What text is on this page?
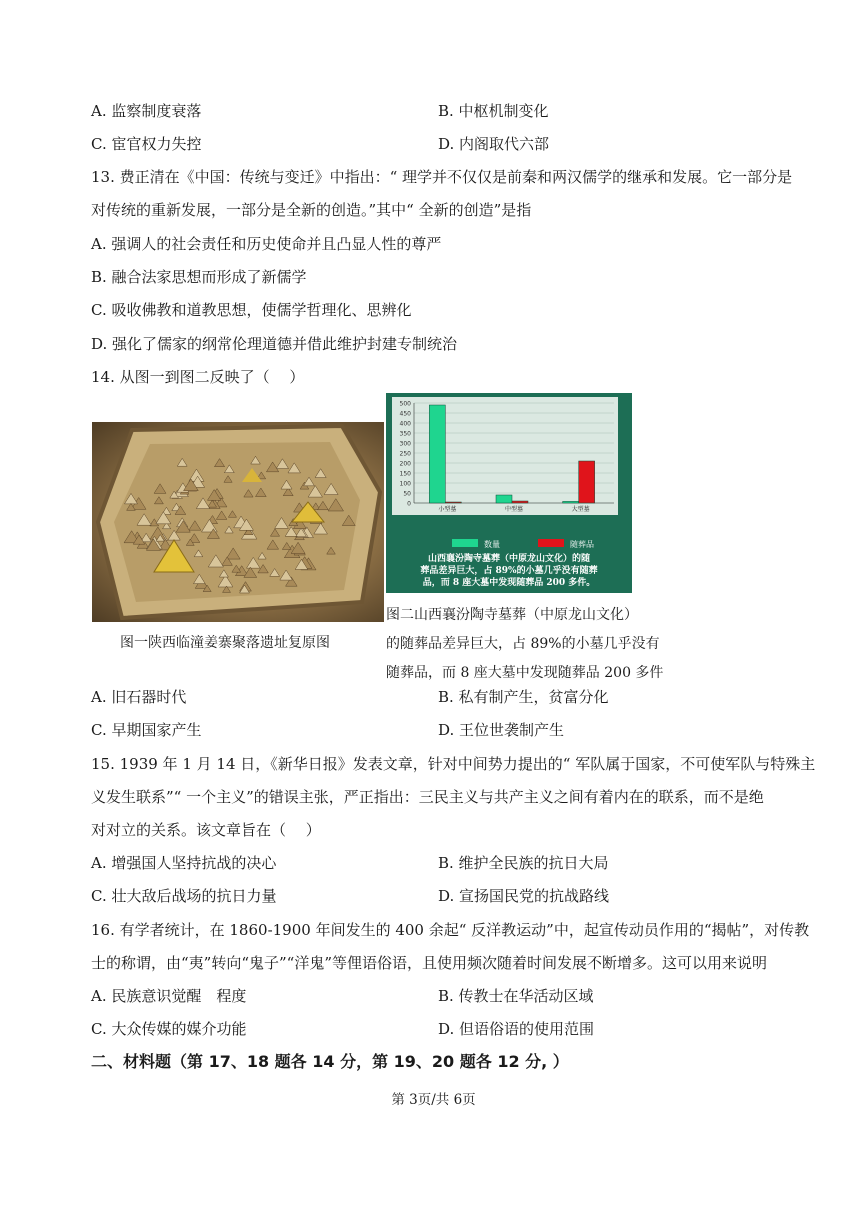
A. 监察制度衰落	B. 中枢机制变化
C. 宦官权力失控	D. 内阁取代六部
13. 费正清在《中国：传统与变迁》中指出：“ 理学并不仅仅是前秦和两汉儒学的继承和发展。它一部分是
对传统的重新发展，一部分是全新的创造。”其中“ 全新的创造”是指
A. 强调人的社会责任和历史使命并且凸显人性的尊严
B. 融合法家思想而形成了新儒学
C. 吸收佛教和道教思想，使儒学哲理化、思辨化
D. 强化了儒家的纲常伦理道德并借此维护封建专制统治
14. 从图一到图二反映了（　 ）
图一陕西临潼姜寨聚落遗址复原图
0
50
100
150
200
250
300
350
400
450
500
小型墓	中型墓	大型墓
数量	随葬品
山西襄汾陶寺墓葬（中原龙山文化）的随
葬品差异巨大，占 89%的小墓几乎没有随葬
品，而 8 座大墓中发现随葬品 200 多件。
图二山西襄汾陶寺墓葬（中原龙山文化）
的随葬品差异巨大，占 89%的小墓几乎没有
随葬品，而 8 座大墓中发现随葬品 200 多件
A. 旧石器时代	B. 私有制产生，贫富分化
C. 早期国家产生	D. 王位世袭制产生
15. 1939 年 1 月 14 日，《新华日报》发表文章，针对中间势力提出的“ 军队属于国家，不可使军队与特殊主
义发生联系”“ 一个主义”的错误主张，严正指出：三民主义与共产主义之间有着内在的联系，而不是绝
对对立的关系。该文章旨在（　 ）
A. 增强国人坚持抗战的决心	B. 维护全民族的抗日大局
C. 壮大敌后战场的抗日力量	D. 宣扬国民党的抗战路线
16. 有学者统计，在 1860-1900 年间发生的 400 余起“ 反洋教运动”中，起宣传动员作用的“揭帖”，对传教
士的称谓，由“夷”转向“鬼子”“洋鬼”等俚语俗语，且使用频次随着时间发展不断增多。这可以用来说明
A. 民族意识觉醒　程度	B. 传教士在华活动区域
C. 大众传媒的媒介功能	D. 但语俗语的使用范围
二、材料题（第 17、18 题各 14 分，第 19、20 题各 12 分, ）
第 3页/共 6页
